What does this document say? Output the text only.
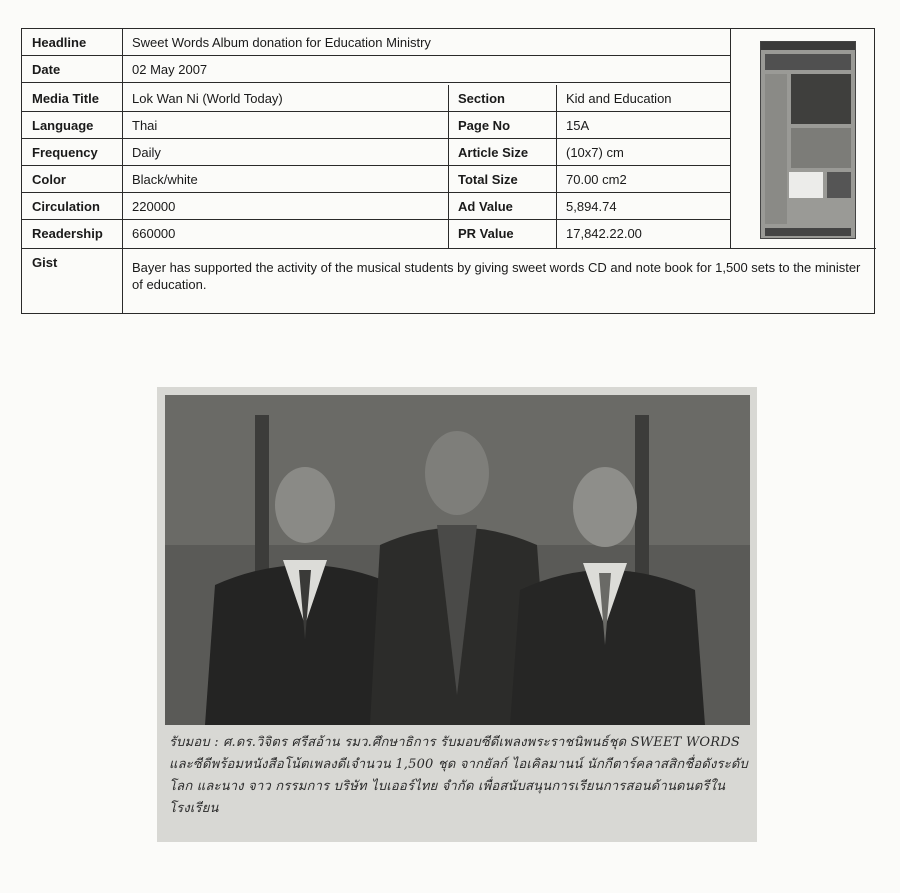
Headline	Sweet Words Album donation for Education Ministry
Date	02 May 2007
Media Title	Lok Wan Ni (World Today)	Section	Kid and Education
Language	Thai	Page No	15A
Frequency	Daily	Article Size	(10x7) cm
Color	Black/white	Total Size	70.00 cm2
Circulation	220000	Ad Value	5,894.74
Readership	660000	PR Value	17,842.22.00
Gist	Bayer has supported the activity of the musical students by giving sweet words CD and note book for 1,500 sets to the minister of education.
รับมอบ : ศ.ดร.วิจิตร ศรีสอ้าน รมว.ศึกษาธิการ รับมอบซีดีเพลงพระราชนิพนธ์ชุด SWEET WORDS และซีดีพร้อมหนังสือโน้ตเพลงดีเจำนวน 1,500 ชุด จากยัลก์ ไอเคิลมานน์ นักกีตาร์คลาสสิกชื่อดังระดับโลก และนาง จาว กรรมการ บริษัท ไบเออร์ไทย จำกัด เพื่อสนับสนุนการเรียนการสอนด้านดนตรีในโรงเรียน
